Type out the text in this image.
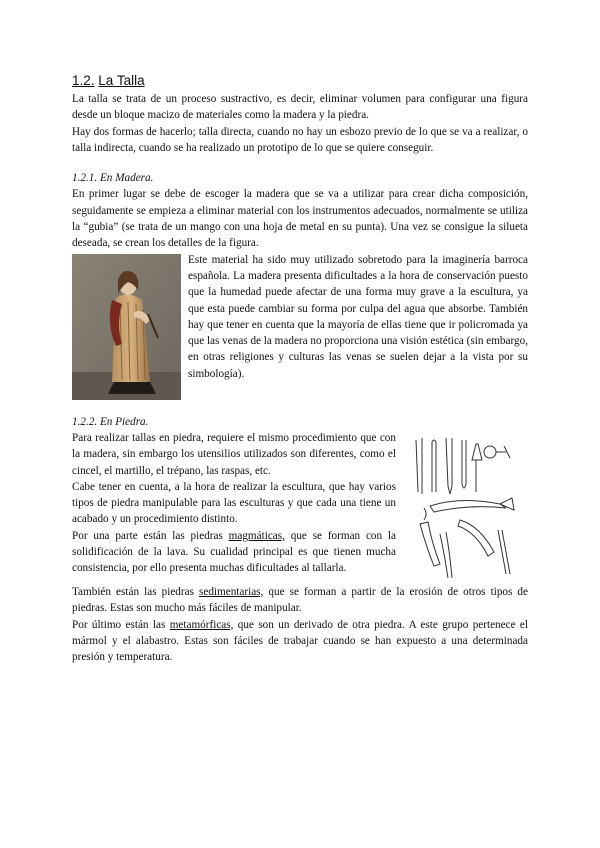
1.2. La Talla

La talla se trata de un proceso sustractivo, es decir, eliminar volumen para configurar una figura desde un bloque macizo de materiales como la madera y la piedra.

Hay dos formas de hacerlo; talla directa, cuando no hay un esbozo previo de lo que se va a realizar, o talla indirecta, cuando se ha realizado un prototipo de lo que se quiere conseguir.

1.2.1. En Madera.

En primer lugar se debe de escoger la madera que se va a utilizar para crear dicha composición, seguidamente se empieza a eliminar material con los instrumentos adecuados, normalmente se utiliza la “gubia” (se trata de un mango con una hoja de metal en su punta). Una vez se consigue la silueta deseada, se crean los detalles de la figura.

Este material ha sido muy utilizado sobretodo para la imaginería barroca española. La madera presenta dificultades a la hora de conservación puesto que la humedad puede afectar de una forma muy grave a la escultura, ya que esta puede cambiar su forma por culpa del agua que absorbe. También hay que tener en cuenta que la mayoría de ellas tiene que ir policromada ya que las venas de la madera no proporciona una visión estética (sin embargo, en otras religiones y culturas las venas se suelen dejar a la vista por su simbología).

1.2.2. En Piedra.

Para realizar tallas en piedra, requiere el mismo procedimiento que con la madera, sin embargo los utensilios utilizados son diferentes, como el cincel, el martillo, el trépano, las raspas, etc.

Cabe tener en cuenta, a la hora de realizar la escultura, que hay varios tipos de piedra manipulable para las esculturas y que cada una tiene un acabado y un procedimiento distinto.

Por una parte están las piedras magmáticas, que se forman con la solidificación de la lava. Su cualidad principal es que tienen mucha consistencia, por ello presenta muchas dificultades al tallarla.

También están las piedras sedimentarias, que se forman a partir de la erosión de otros tipos de piedras. Estas son mucho más fáciles de manipular.

Por último están las metamórficas, que son un derivado de otra piedra. A este grupo pertenece el mármol y el alabastro. Estas son fáciles de trabajar cuando se han expuesto a una determinada presión y temperatura.
